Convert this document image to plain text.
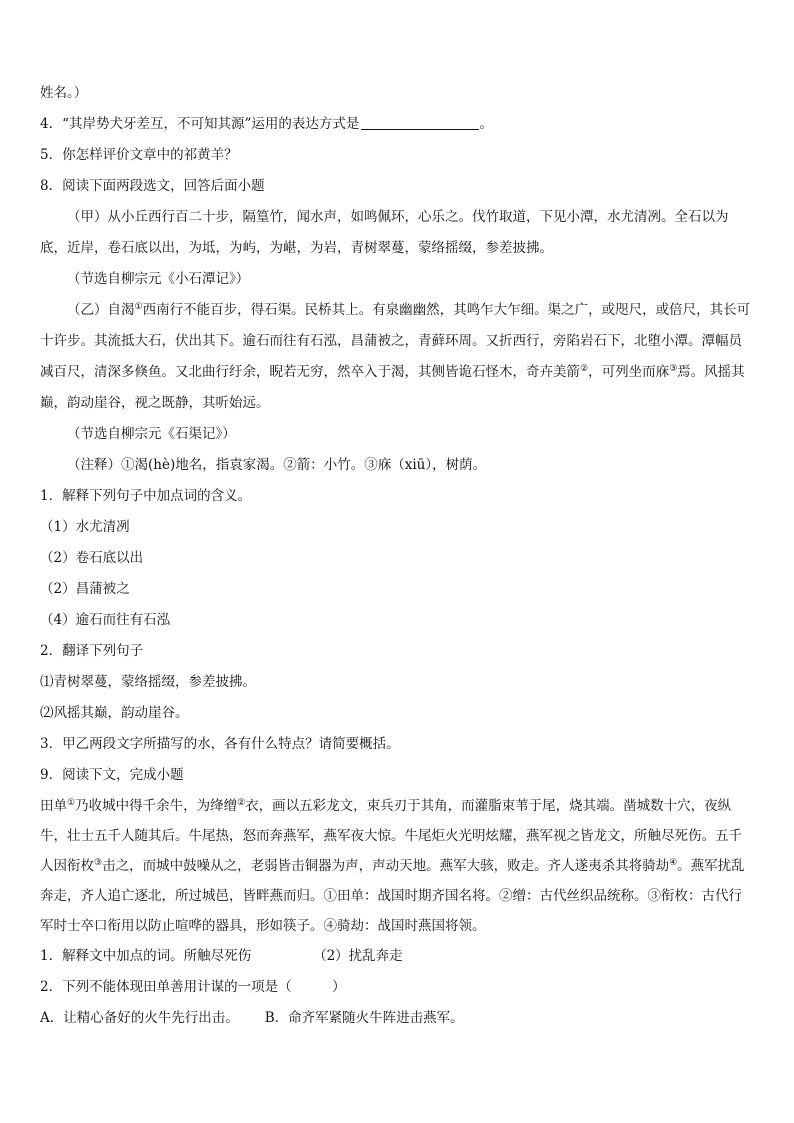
姓名。）
4．“其岸势犬牙差互，不可知其源”运用的表达方式是	。
5．你怎样评价文章中的祁黄羊？
8．阅读下面两段选文，回答后面小题
（甲）从小丘西行百二十步，隔篁竹，闻水声，如鸣佩环，心乐之。伐竹取道，下见小潭，水尤清冽。全石以为底，近岸，卷石底以出，为坻，为屿，为嵁，为岩，青树翠蔓，蒙络摇缀，参差披拂。
（节选自柳宗元《小石潭记》）
（乙）自渴①西南行不能百步，得石渠。民桥其上。有泉幽幽然，其鸣乍大乍细。渠之广，或咫尺，或倍尺，其长可十许步。其流抵大石，伏出其下。逾石而往有石泓，昌蒲被之，青藓环周。又折西行，旁陷岩石下，北堕小潭。潭幅员减百尺，清深多倏鱼。又北曲行纡余，睨若无穷，然卒入于渴，其侧皆诡石怪木，奇卉美箭②，可列坐而庥③焉。风摇其巅，韵动崖谷，视之既静，其听始远。
（节选自柳宗元《石渠记》）
（注释）①渴(hè)地名，指袁家渴。②箭：小竹。③庥（xiū），树荫。
1．解释下列句子中加点词的含义。
（1）水尤清冽
（2）卷石底以出
（2）昌蒲被之
（4）逾石而往有石泓
2．翻译下列句子
⑴青树翠蔓，蒙络摇缀，参差披拂。
⑵风摇其巅，韵动崖谷。
3．甲乙两段文字所描写的水，各有什么特点？请简要概括。
9．阅读下文，完成小题
田单①乃收城中得千余牛，为绛缯②衣，画以五彩龙文，束兵刃于其角，而灌脂束苇于尾，烧其端。凿城数十穴，夜纵牛，壮士五千人随其后。牛尾热，怒而奔燕军，燕军夜大惊。牛尾炬火光明炫耀，燕军视之皆龙文，所触尽死伤。五千人因衔枚③击之，而城中鼓噪从之，老弱皆击铜器为声，声动天地。燕军大骇，败走。齐人遂夷杀其将骑劫④。燕军扰乱奔走，齐人追亡逐北，所过城邑，皆畔燕而归。①田单：战国时期齐国名将。②缯：古代丝织品统称。③衔枚：古代行军时士卒口衔用以防止喧哗的器具，形如筷子。④骑劫：战国时燕国将领。
1．解释文中加点的词。所触尽死伤	（2）扰乱奔走
2．下列不能体现田单善用计谋的一项是（　　　）
A．让精心备好的火牛先行出击。 B．命齐军紧随火牛阵进击燕军。
